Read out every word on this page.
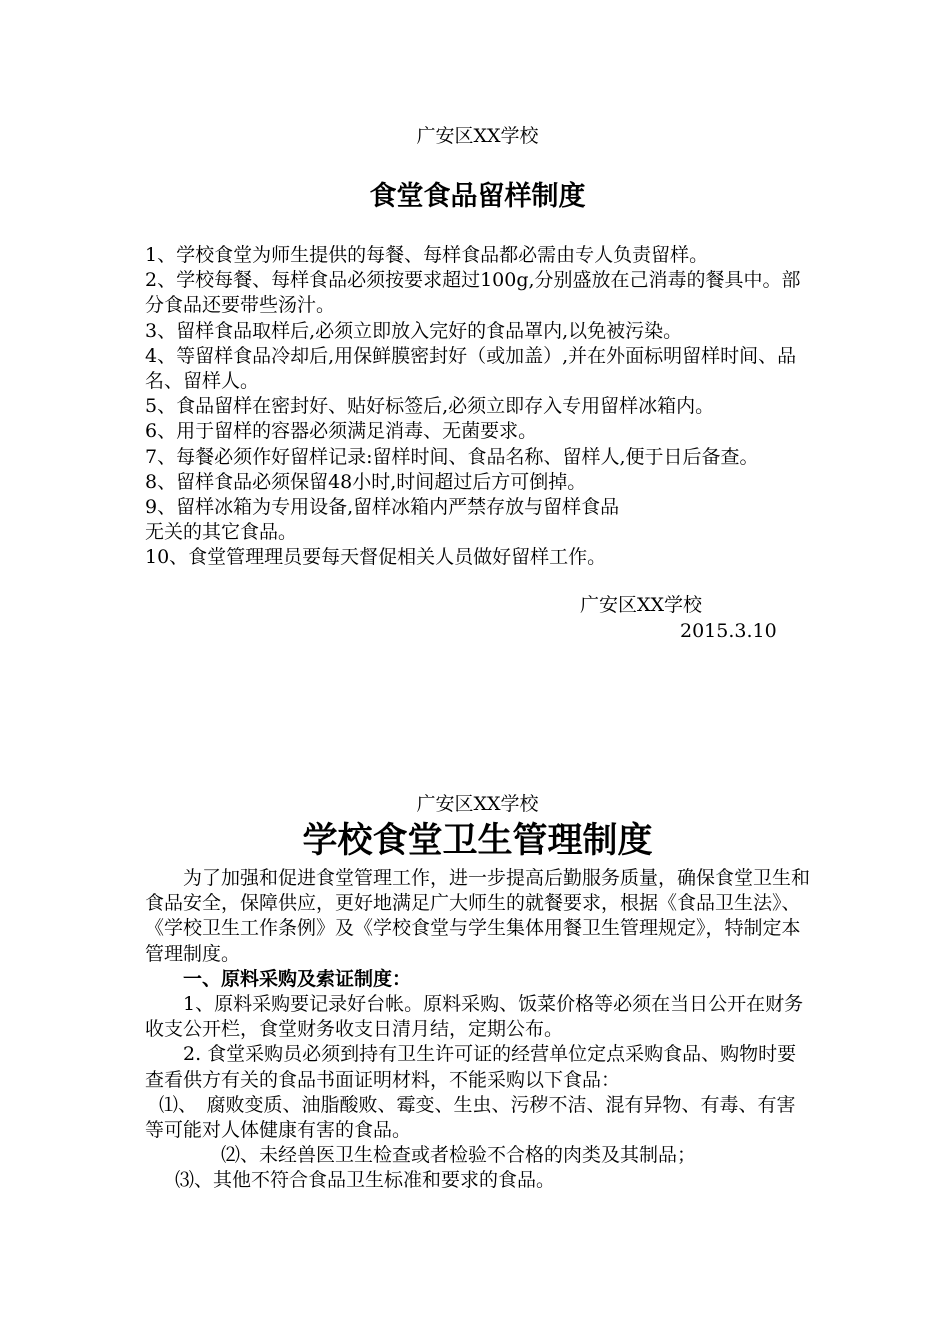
广安区XX学校
食堂食品留样制度

1、学校食堂为师生提供的每餐、每样食品都必需由专人负责留样。

2、学校每餐、每样食品必须按要求超过100g,分别盛放在己消毒的餐具中。部分食品还要带些汤汁。

3、留样食品取样后,必须立即放入完好的食品罩内,以免被污染。

4、等留样食品冷却后,用保鲜膜密封好（或加盖）,并在外面标明留样时间、品名、留样人。

5、食品留样在密封好、贴好标签后,必须立即存入专用留样冰箱内。

6、用于留样的容器必须满足消毒、无菌要求。

7、每餐必须作好留样记录:留样时间、食品名称、留样人,便于日后备查。

8、留样食品必须保留48小时,时间超过后方可倒掉。

9、留样冰箱为专用设备,留样冰箱内严禁存放与留样食品

无关的其它食品。

10、食堂管理理员要每天督促相关人员做好留样工作。

广安区XX学校
2015.3.10
广安区XX学校
学校食堂卫生管理制度

为了加强和促进食堂管理工作，进一步提高后勤服务质量，确保食堂卫生和食品安全，保障供应，更好地满足广大师生的就餐要求，根据《食品卫生法》、《学校卫生工作条例》及《学校食堂与学生集体用餐卫生管理规定》，特制定本管理制度。

一、原料采购及索证制度：

1、原料采购要记录好台帐。原料采购、饭菜价格等必须在当日公开在财务收支公开栏，食堂财务收支日清月结，定期公布。

2. 食堂采购员必须到持有卫生许可证的经营单位定点采购食品、购物时要查看供方有关的食品书面证明材料，不能采购以下食品：

⑴、　腐败变质、油脂酸败、霉变、生虫、污秽不洁、混有异物、有毒、有害等可能对人体健康有害的食品。

⑵、未经兽医卫生检查或者检验不合格的肉类及其制品；

⑶、其他不符合食品卫生标准和要求的食品。
